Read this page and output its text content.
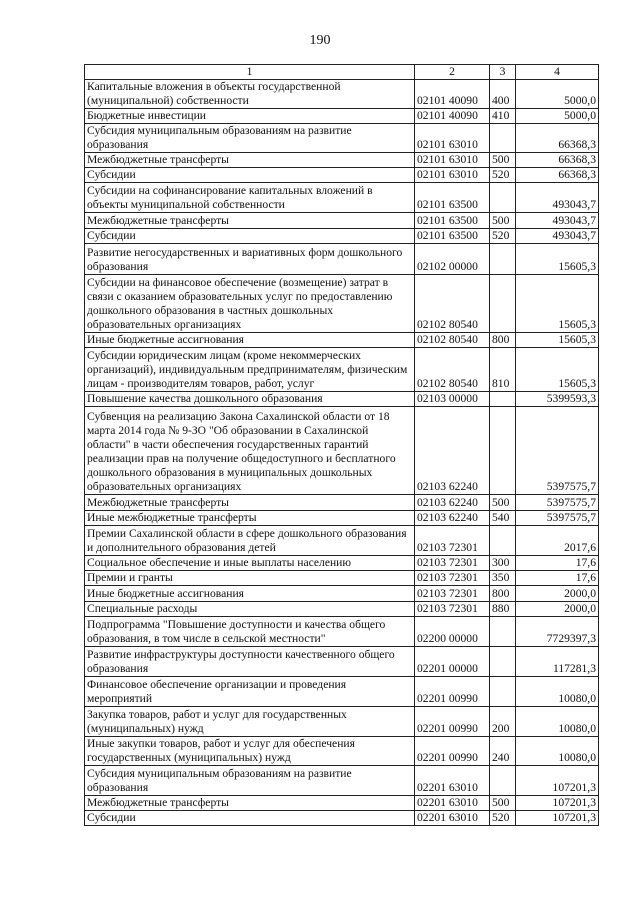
190
1	2	3	4
Капитальные вложения в объекты государственной (муниципальной) собственности	02101 40090	400	5000,0
Бюджетные инвестиции	02101 40090	410	5000,0
Субсидия муниципальным образованиям на развитие образования	02101 63010		66368,3
Межбюджетные трансферты	02101 63010	500	66368,3
Субсидии	02101 63010	520	66368,3
Субсидии на софинансирование капитальных вложений в объекты муниципальной собственности	02101 63500		493043,7
Межбюджетные трансферты	02101 63500	500	493043,7
Субсидии	02101 63500	520	493043,7
Развитие негосударственных и вариативных форм дошкольного образования	02102 00000		15605,3
Субсидии на финансовое обеспечение (возмещение) затрат в связи с оказанием образовательных услуг по предоставлению дошкольного образования в частных дошкольных образовательных организациях	02102 80540		15605,3
Иные бюджетные ассигнования	02102 80540	800	15605,3
Субсидии юридическим лицам (кроме некоммерческих организаций), индивидуальным предпринимателям, физическим лицам - производителям товаров, работ, услуг	02102 80540	810	15605,3
Повышение качества дошкольного образования	02103 00000		5399593,3
Субвенция на реализацию Закона Сахалинской области от 18 марта 2014 года № 9-ЗО "Об образовании в Сахалинской области" в части обеспечения государственных гарантий реализации прав на получение общедоступного и бесплатного дошкольного образования в муниципальных дошкольных образовательных организациях	02103 62240		5397575,7
Межбюджетные трансферты	02103 62240	500	5397575,7
Иные межбюджетные трансферты	02103 62240	540	5397575,7
Премии Сахалинской области в сфере дошкольного образования и дополнительного образования детей	02103 72301		2017,6
Социальное обеспечение и иные выплаты населению	02103 72301	300	17,6
Премии и гранты	02103 72301	350	17,6
Иные бюджетные ассигнования	02103 72301	800	2000,0
Специальные расходы	02103 72301	880	2000,0
Подпрограмма "Повышение доступности и качества общего образования, в том числе в сельской местности"	02200 00000		7729397,3
Развитие инфраструктуры доступности качественного общего образования	02201 00000		117281,3
Финансовое обеспечение организации и проведения мероприятий	02201 00990		10080,0
Закупка товаров, работ и услуг для государственных (муниципальных) нужд	02201 00990	200	10080,0
Иные закупки товаров, работ и услуг для обеспечения государственных (муниципальных) нужд	02201 00990	240	10080,0
Субсидия муниципальным образованиям на развитие образования	02201 63010		107201,3
Межбюджетные трансферты	02201 63010	500	107201,3
Субсидии	02201 63010	520	107201,3
